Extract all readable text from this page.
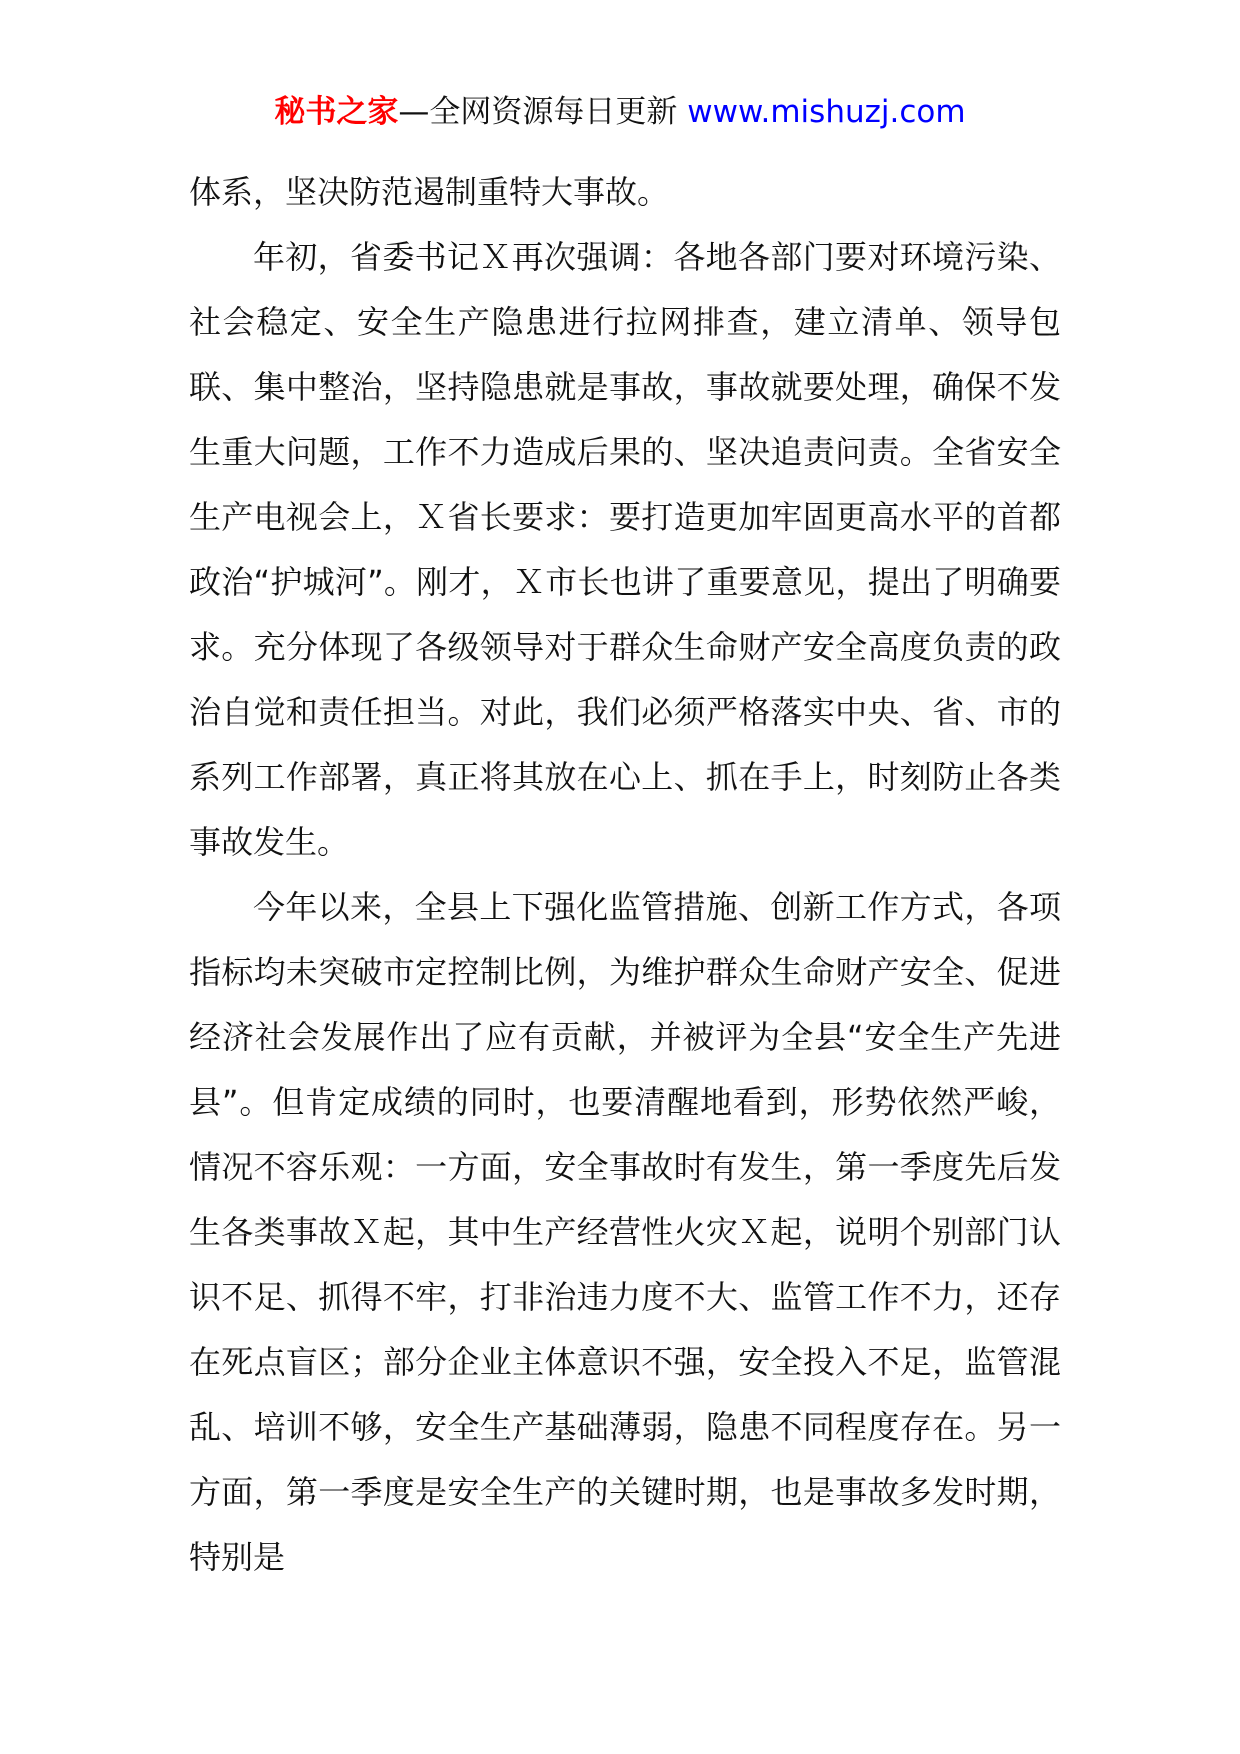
秘书之家—全网资源每日更新 www.mishuzj.com

体系，坚决防范遏制重特大事故。

年初，省委书记Ｘ再次强调：各地各部门要对环境污染、社会稳定、安全生产隐患进行拉网排查，建立清单、领导包联、集中整治，坚持隐患就是事故，事故就要处理，确保不发生重大问题，工作不力造成后果的、坚决追责问责。全省安全生产电视会上，Ｘ省长要求：要打造更加牢固更高水平的首都政治“护城河”。刚才，Ｘ市长也讲了重要意见，提出了明确要求。充分体现了各级领导对于群众生命财产安全高度负责的政治自觉和责任担当。对此，我们必须严格落实中央、省、市的系列工作部署，真正将其放在心上、抓在手上，时刻防止各类事故发生。

今年以来，全县上下强化监管措施、创新工作方式，各项指标均未突破市定控制比例，为维护群众生命财产安全、促进经济社会发展作出了应有贡献，并被评为全县“安全生产先进县”。但肯定成绩的同时，也要清醒地看到，形势依然严峻，情况不容乐观：一方面，安全事故时有发生，第一季度先后发生各类事故Ｘ起，其中生产经营性火灾Ｘ起，说明个别部门认识不足、抓得不牢，打非治违力度不大、监管工作不力，还存在死点盲区；部分企业主体意识不强，安全投入不足，监管混乱、培训不够，安全生产基础薄弱，隐患不同程度存在。另一方面，第一季度是安全生产的关键时期，也是事故多发时期，特别是
